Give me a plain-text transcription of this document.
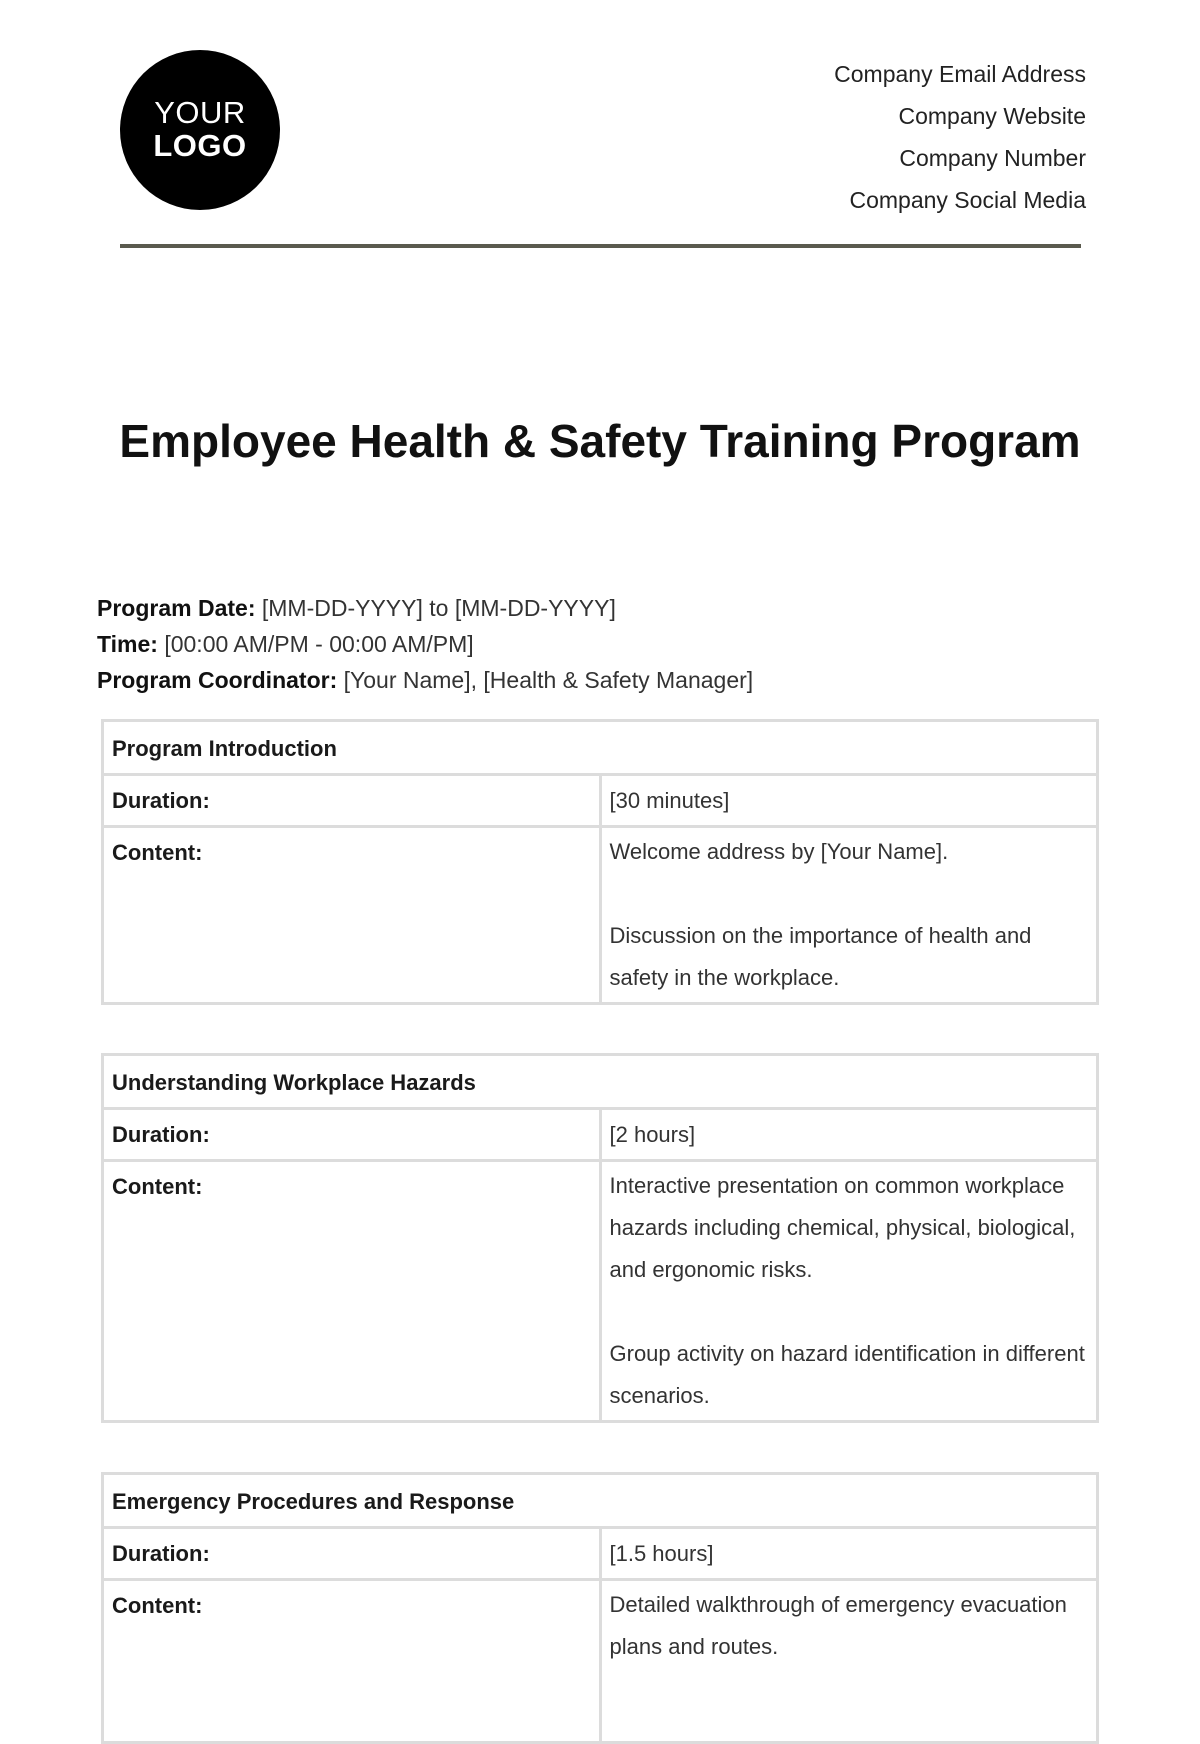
YOUR
LOGO
Company Email Address
Company Website
Company Number
Company Social Media
Employee Health & Safety Training Program
Program Date: [MM-DD-YYYY] to [MM-DD-YYYY]
Time: [00:00 AM/PM - 00:00 AM/PM]
Program Coordinator: [Your Name], [Health & Safety Manager]
Program Introduction	
Duration:	[30 minutes]
Content:	Welcome address by [Your Name].
Discussion on the importance of health and safety in the workplace.
Understanding Workplace Hazards	
Duration:	[2 hours]
Content:	Interactive presentation on common workplace hazards including chemical, physical, biological, and ergonomic risks.
Group activity on hazard identification in different scenarios.
Emergency Procedures and Response	
Duration:	[1.5 hours]
Content:	Detailed walkthrough of emergency evacuation plans and routes.
